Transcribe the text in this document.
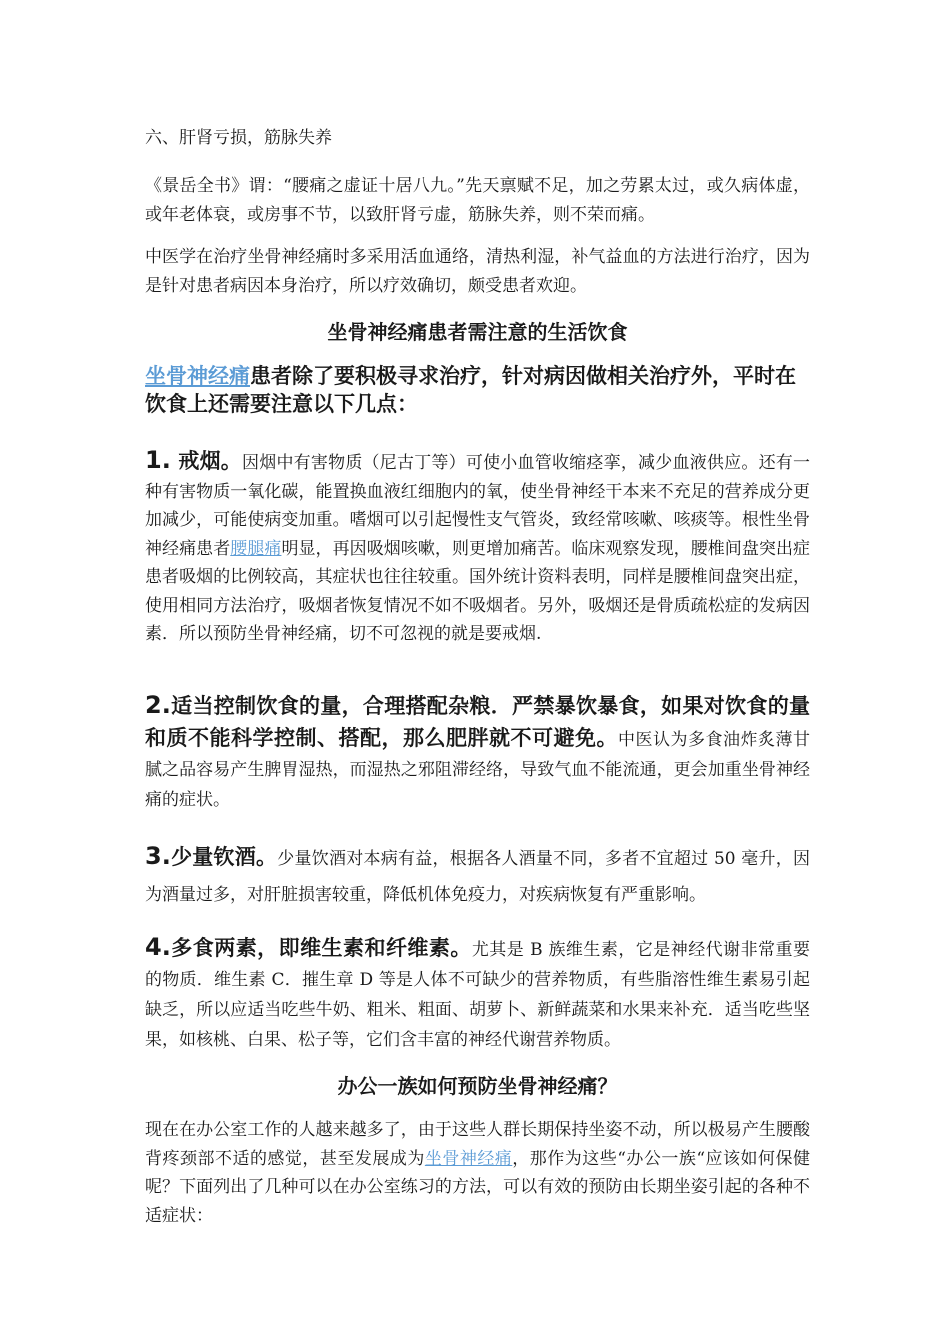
六、肝肾亏损，筋脉失养

《景岳全书》谓：“腰痛之虚证十居八九。”先天禀赋不足，加之劳累太过，或久病体虚，或年老体衰，或房事不节，以致肝肾亏虚，筋脉失养，则不荣而痛。

中医学在治疗坐骨神经痛时多采用活血通络，清热利湿，补气益血的方法进行治疗，因为是针对患者病因本身治疗，所以疗效确切，颇受患者欢迎。

坐骨神经痛患者需注意的生活饮食

坐骨神经痛患者除了要积极寻求治疗，针对病因做相关治疗外，平时在饮食上还需要注意以下几点：

1. 戒烟。因烟中有害物质（尼古丁等）可使小血管收缩痉挛，减少血液供应。还有一种有害物质一氧化碳，能置换血液红细胞内的氧，使坐骨神经干本来不充足的营养成分更加减少，可能使病变加重。嗜烟可以引起慢性支气管炎，致经常咳嗽、咳痰等。根性坐骨神经痛患者腰腿痛明显，再因吸烟咳嗽，则更增加痛苦。临床观察发现，腰椎间盘突出症患者吸烟的比例较高，其症状也往往较重。国外统计资料表明，同样是腰椎间盘突出症，使用相同方法治疗，吸烟者恢复情况不如不吸烟者。另外，吸烟还是骨质疏松症的发病因素．所以预防坐骨神经痛，切不可忽视的就是要戒烟.

2.适当控制饮食的量，合理搭配杂粮．严禁暴饮暴食，如果对饮食的量和质不能科学控制、搭配，那么肥胖就不可避免。中医认为多食油炸炙薄甘腻之品容易产生脾胃湿热，而湿热之邪阻滞经络，导致气血不能流通，更会加重坐骨神经痛的症状。

3.少量钦酒。少量饮酒对本病有益，根据各人酒量不同，多者不宜超过 50 毫升，因为酒量过多，对肝脏损害较重，降低机体免疫力，对疾病恢复有严重影响。

4.多食两素，即维生素和纤维素。尤其是 B 族维生素，它是神经代谢非常重要的物质．维生素 C．摧生章 D 等是人体不可缺少的营养物质，有些脂溶性维生素易引起缺乏，所以应适当吃些牛奶、粗米、粗面、胡萝卜、新鲜蔬菜和水果来补充．适当吃些坚果，如核桃、白果、松子等，它们含丰富的神经代谢营养物质。

办公一族如何预防坐骨神经痛？

现在在办公室工作的人越来越多了，由于这些人群长期保持坐姿不动，所以极易产生腰酸背疼颈部不适的感觉，甚至发展成为坐骨神经痛，那作为这些“办公一族“应该如何保健呢？下面列出了几种可以在办公室练习的方法，可以有效的预防由长期坐姿引起的各种不适症状：
